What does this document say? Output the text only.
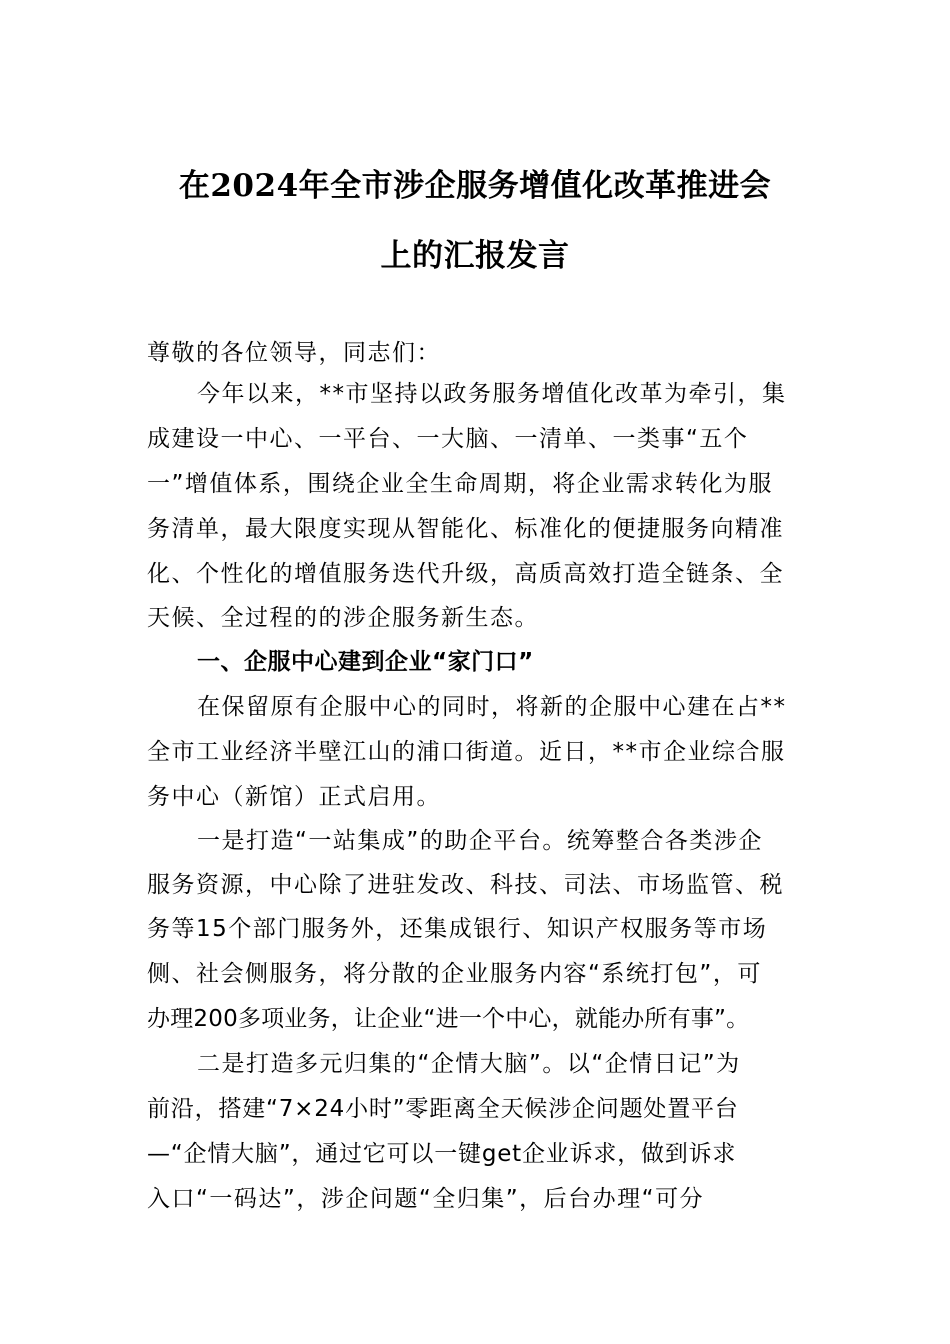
在2024年全市涉企服务增值化改革推进会
上的汇报发言

尊敬的各位领导，同志们：

今年以来，**市坚持以政务服务增值化改革为牵引，集

成建设一中心、一平台、一大脑、一清单、一类事“五个

一”增值体系，围绕企业全生命周期，将企业需求转化为服

务清单，最大限度实现从智能化、标准化的便捷服务向精准

化、个性化的增值服务迭代升级，高质高效打造全链条、全

天候、全过程的的涉企服务新生态。

一、企服中心建到企业“家门口”

在保留原有企服中心的同时，将新的企服中心建在占**

全市工业经济半壁江山的浦口街道。近日，**市企业综合服

务中心（新馆）正式启用。

一是打造“一站集成”的助企平台。统筹整合各类涉企

服务资源，中心除了进驻发改、科技、司法、市场监管、税

务等15个部门服务外，还集成银行、知识产权服务等市场

侧、社会侧服务，将分散的企业服务内容“系统打包”，可

办理200多项业务，让企业“进一个中心，就能办所有事”。

二是打造多元归集的“企情大脑”。以“企情日记”为

前沿，搭建“7×24小时”零距离全天候涉企问题处置平台

—“企情大脑”，通过它可以一键get企业诉求，做到诉求

入口“一码达”，涉企问题“全归集”，后台办理“可分
